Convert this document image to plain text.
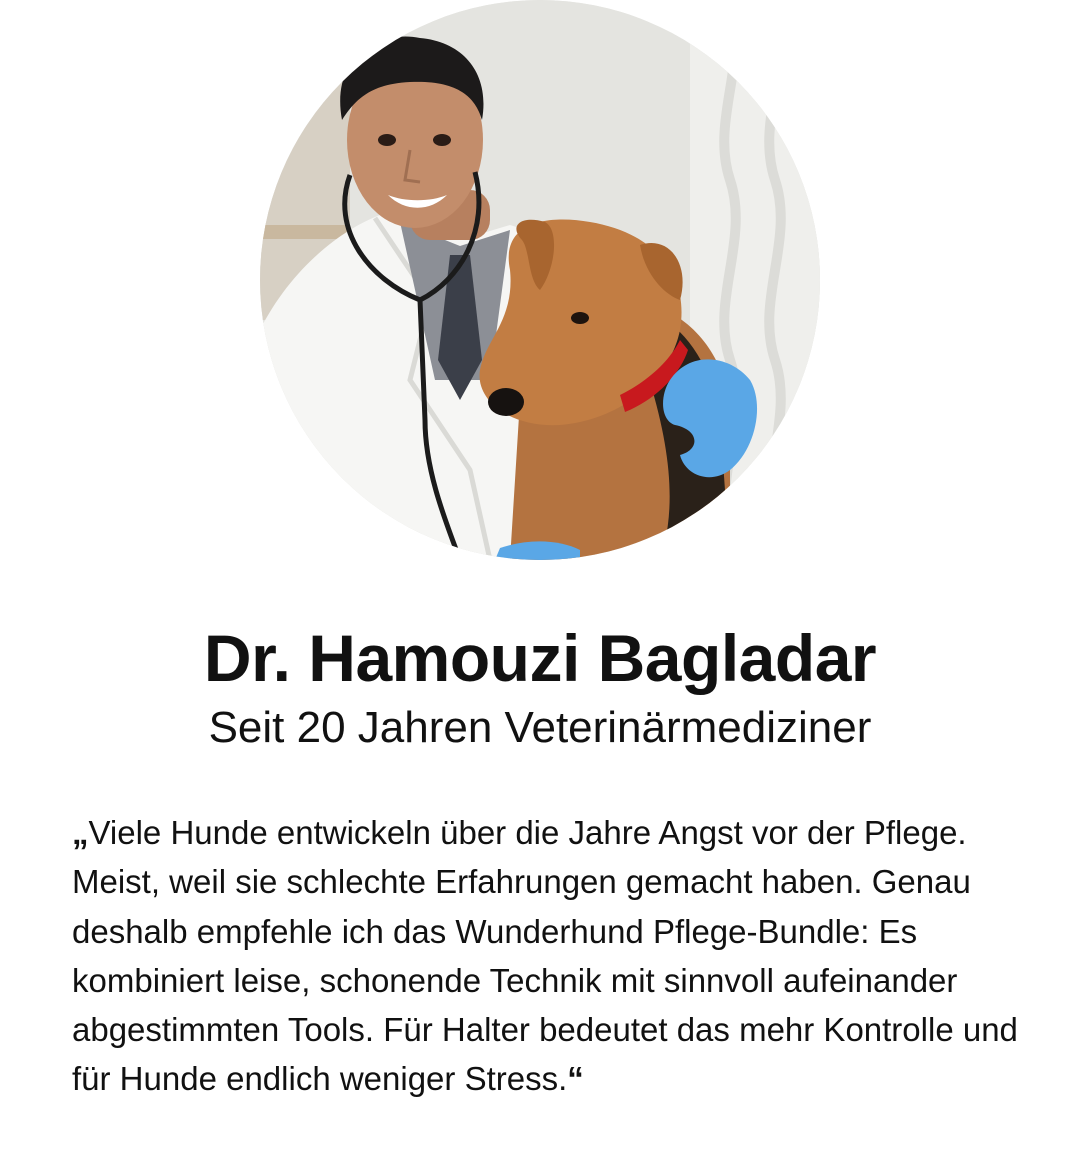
Dr. Hamouzi Bagladar

Seit 20 Jahren Veterinärmediziner

„Viele Hunde entwickeln über die Jahre Angst vor der Pflege. Meist, weil sie schlechte Erfahrungen gemacht haben. Genau deshalb empfehle ich das Wunderhund Pflege-Bundle: Es kombiniert leise, schonende Technik mit sinnvoll aufeinander abgestimmten Tools. Für Halter bedeutet das mehr Kontrolle und für Hunde endlich weniger Stress.“
